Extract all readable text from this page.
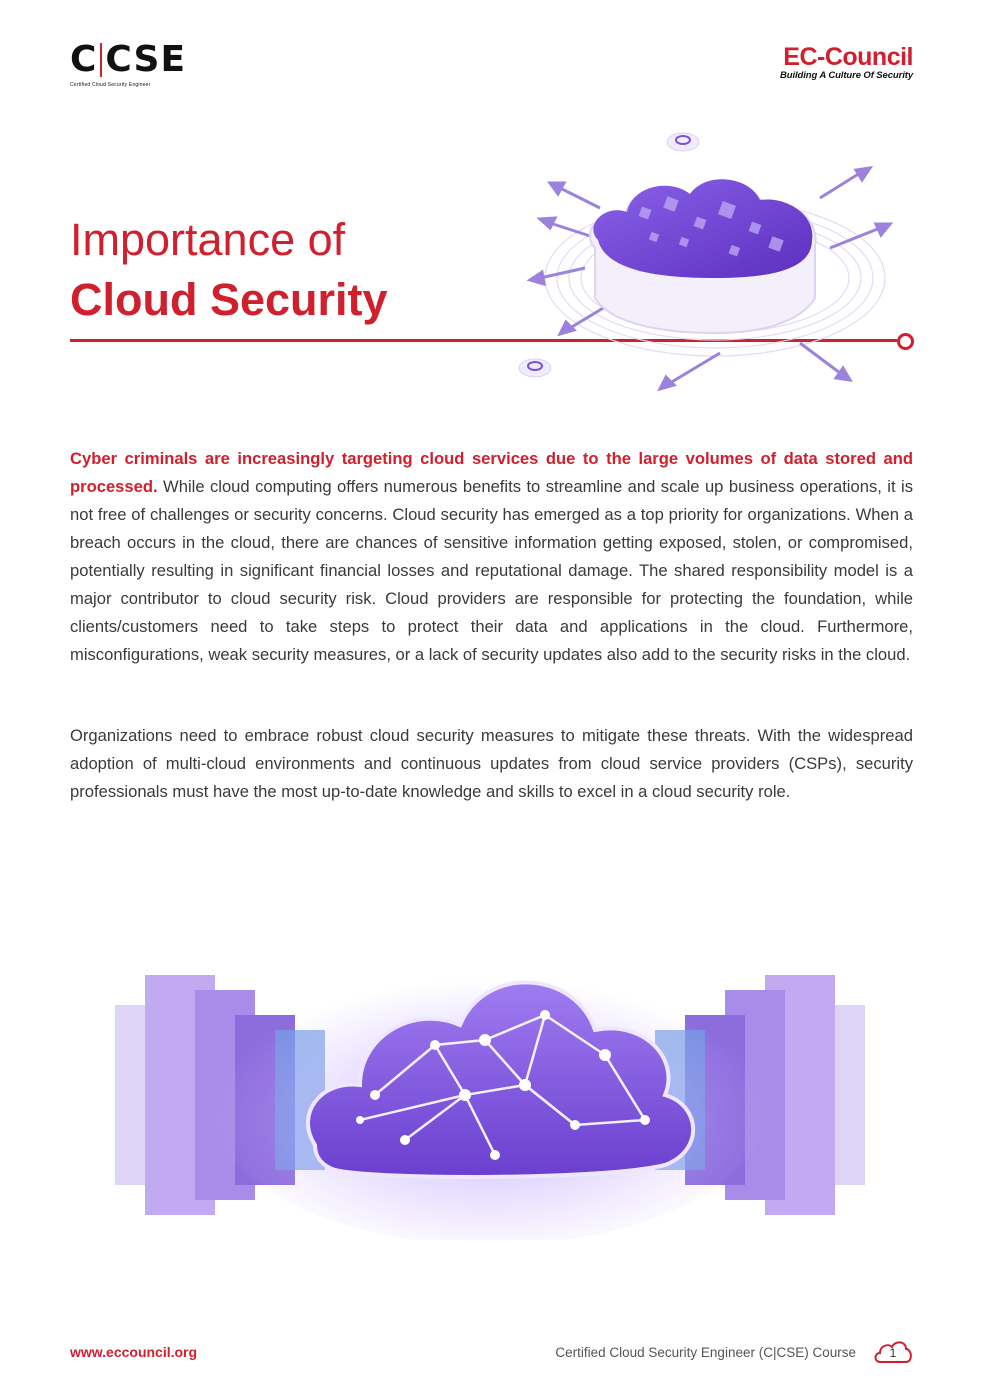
C CSE
Certified Cloud Security Engineer
EC-Council
Building A Culture Of Security
Importance of
Cloud Security

Cyber criminals are increasingly targeting cloud services due to the large volumes of data stored and processed. While cloud computing offers numerous benefits to streamline and scale up business operations, it is not free of challenges or security concerns. Cloud security has emerged as a top priority for organizations. When a breach occurs in the cloud, there are chances of sensitive information getting exposed, stolen, or compromised, potentially resulting in significant financial losses and reputational damage. The shared responsibility model is a major contributor to cloud security risk. Cloud providers are responsible for protecting the foundation, while clients/customers need to take steps to protect their data and applications in the cloud. Furthermore, misconfigurations, weak security measures, or a lack of security updates also add to the security risks in the cloud.

Organizations need to embrace robust cloud security measures to mitigate these threats. With the widespread adoption of multi-cloud environments and continuous updates from cloud service providers (CSPs), security professionals must have the most up-to-date knowledge and skills to excel in a cloud security role.

www.eccouncil.org	Certified Cloud Security Engineer (C|CSE) Course	1
